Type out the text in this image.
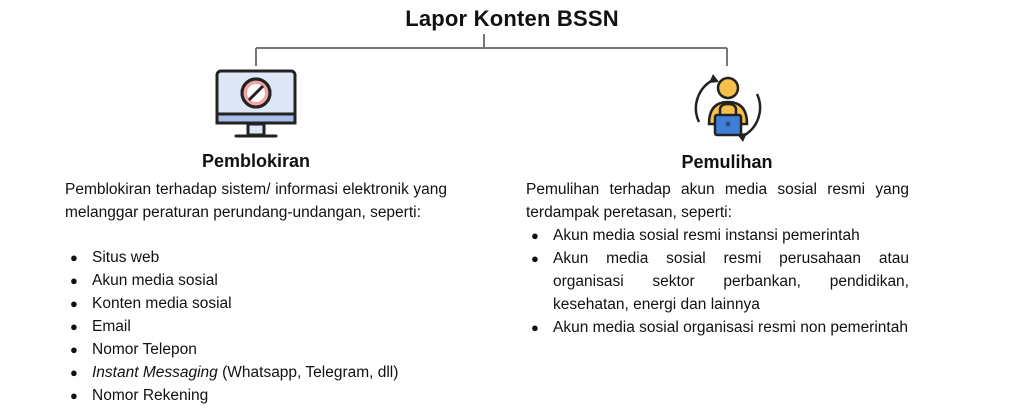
Lapor Konten BSSN
*
Pemblokiran	Pemulihan
Pemblokiran terhadap sistem/ informasi elektronik yang melanggar peraturan perundang-undangan, seperti:
Pemulihan terhadap akun media sosial resmi yang terdampak peretasan, seperti:
● Situs web
● Akun media sosial
● Konten media sosial
● Email
● Nomor Telepon
● Instant Messaging (Whatsapp, Telegram, dll)
● Nomor Rekening
● Akun media sosial resmi instansi pemerintah
● Akun media sosial resmi perusahaan atau organisasi sektor perbankan, pendidikan, kesehatan, energi dan lainnya
● Akun media sosial organisasi resmi non pemerintah
